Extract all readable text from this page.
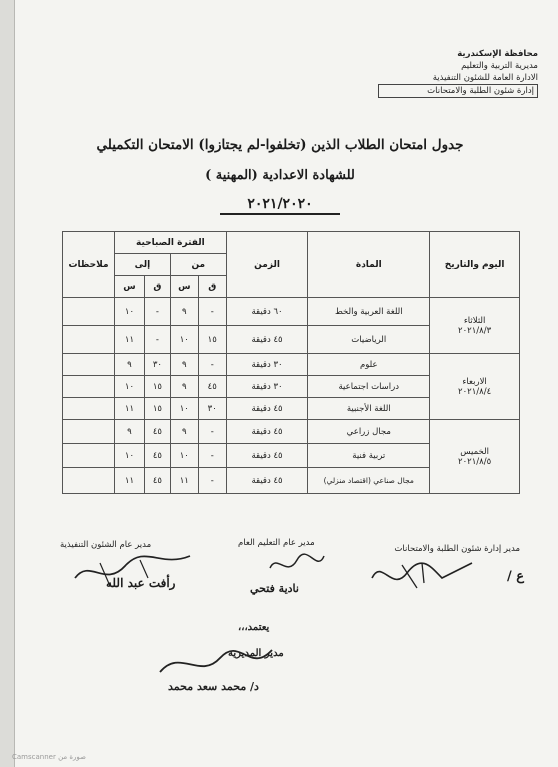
محافظة الإسكندرية
مديرية التربية والتعليم
الادارة العامة للشئون التنفيذية
إدارة شئون الطلبة والامتحانات
جدول امتحان الطلاب الذين (تخلفوا-لم يجتازوا) الامتحان التكميلي
للشهادة الاعدادية (المهنية )
٢٠٢١/٢٠٢٠
اليوم والتاريخ	المادة	الزمن	الفترة الصباحية				ملاحظات
			من		إلى		
			ق	س	ق	س	

الثلاثاء
٢٠٢١/٨/٣	اللغة العربية والخط	٦٠ دقيقة	-	٩	-	١٠	
	الرياضيات	٤٥ دقيقة	١٥	١٠	-	١١	

الاربعاء
٢٠٢١/٨/٤	علوم	٣٠ دقيقة	-	٩	٣٠	٩	
	دراسات اجتماعية	٣٠ دقيقة	٤٥	٩	١٥	١٠	
	اللغة الأجنبية	٤٥ دقيقة	٣٠	١٠	١٥	١١	

الخميس
٢٠٢١/٨/٥	مجال زراعي	٤٥ دقيقة	-	٩	٤٥	٩	
	تربية فنية	٤٥ دقيقة	-	١٠	٤٥	١٠	
	مجال صناعي (اقتصاد منزلي)	٤٥ دقيقة	-	١١	٤٥	١١	
مدير إدارة شئون الطلبة والامتحانات
مدير عام التعليم العام
مدير عام الشئون التنفيذية
ع /
نادية فتحي
رأفت عبد الله
يعتمد،،،
مدير المديرية
د/ محمد سعد محمد
صورة من Camscanner
